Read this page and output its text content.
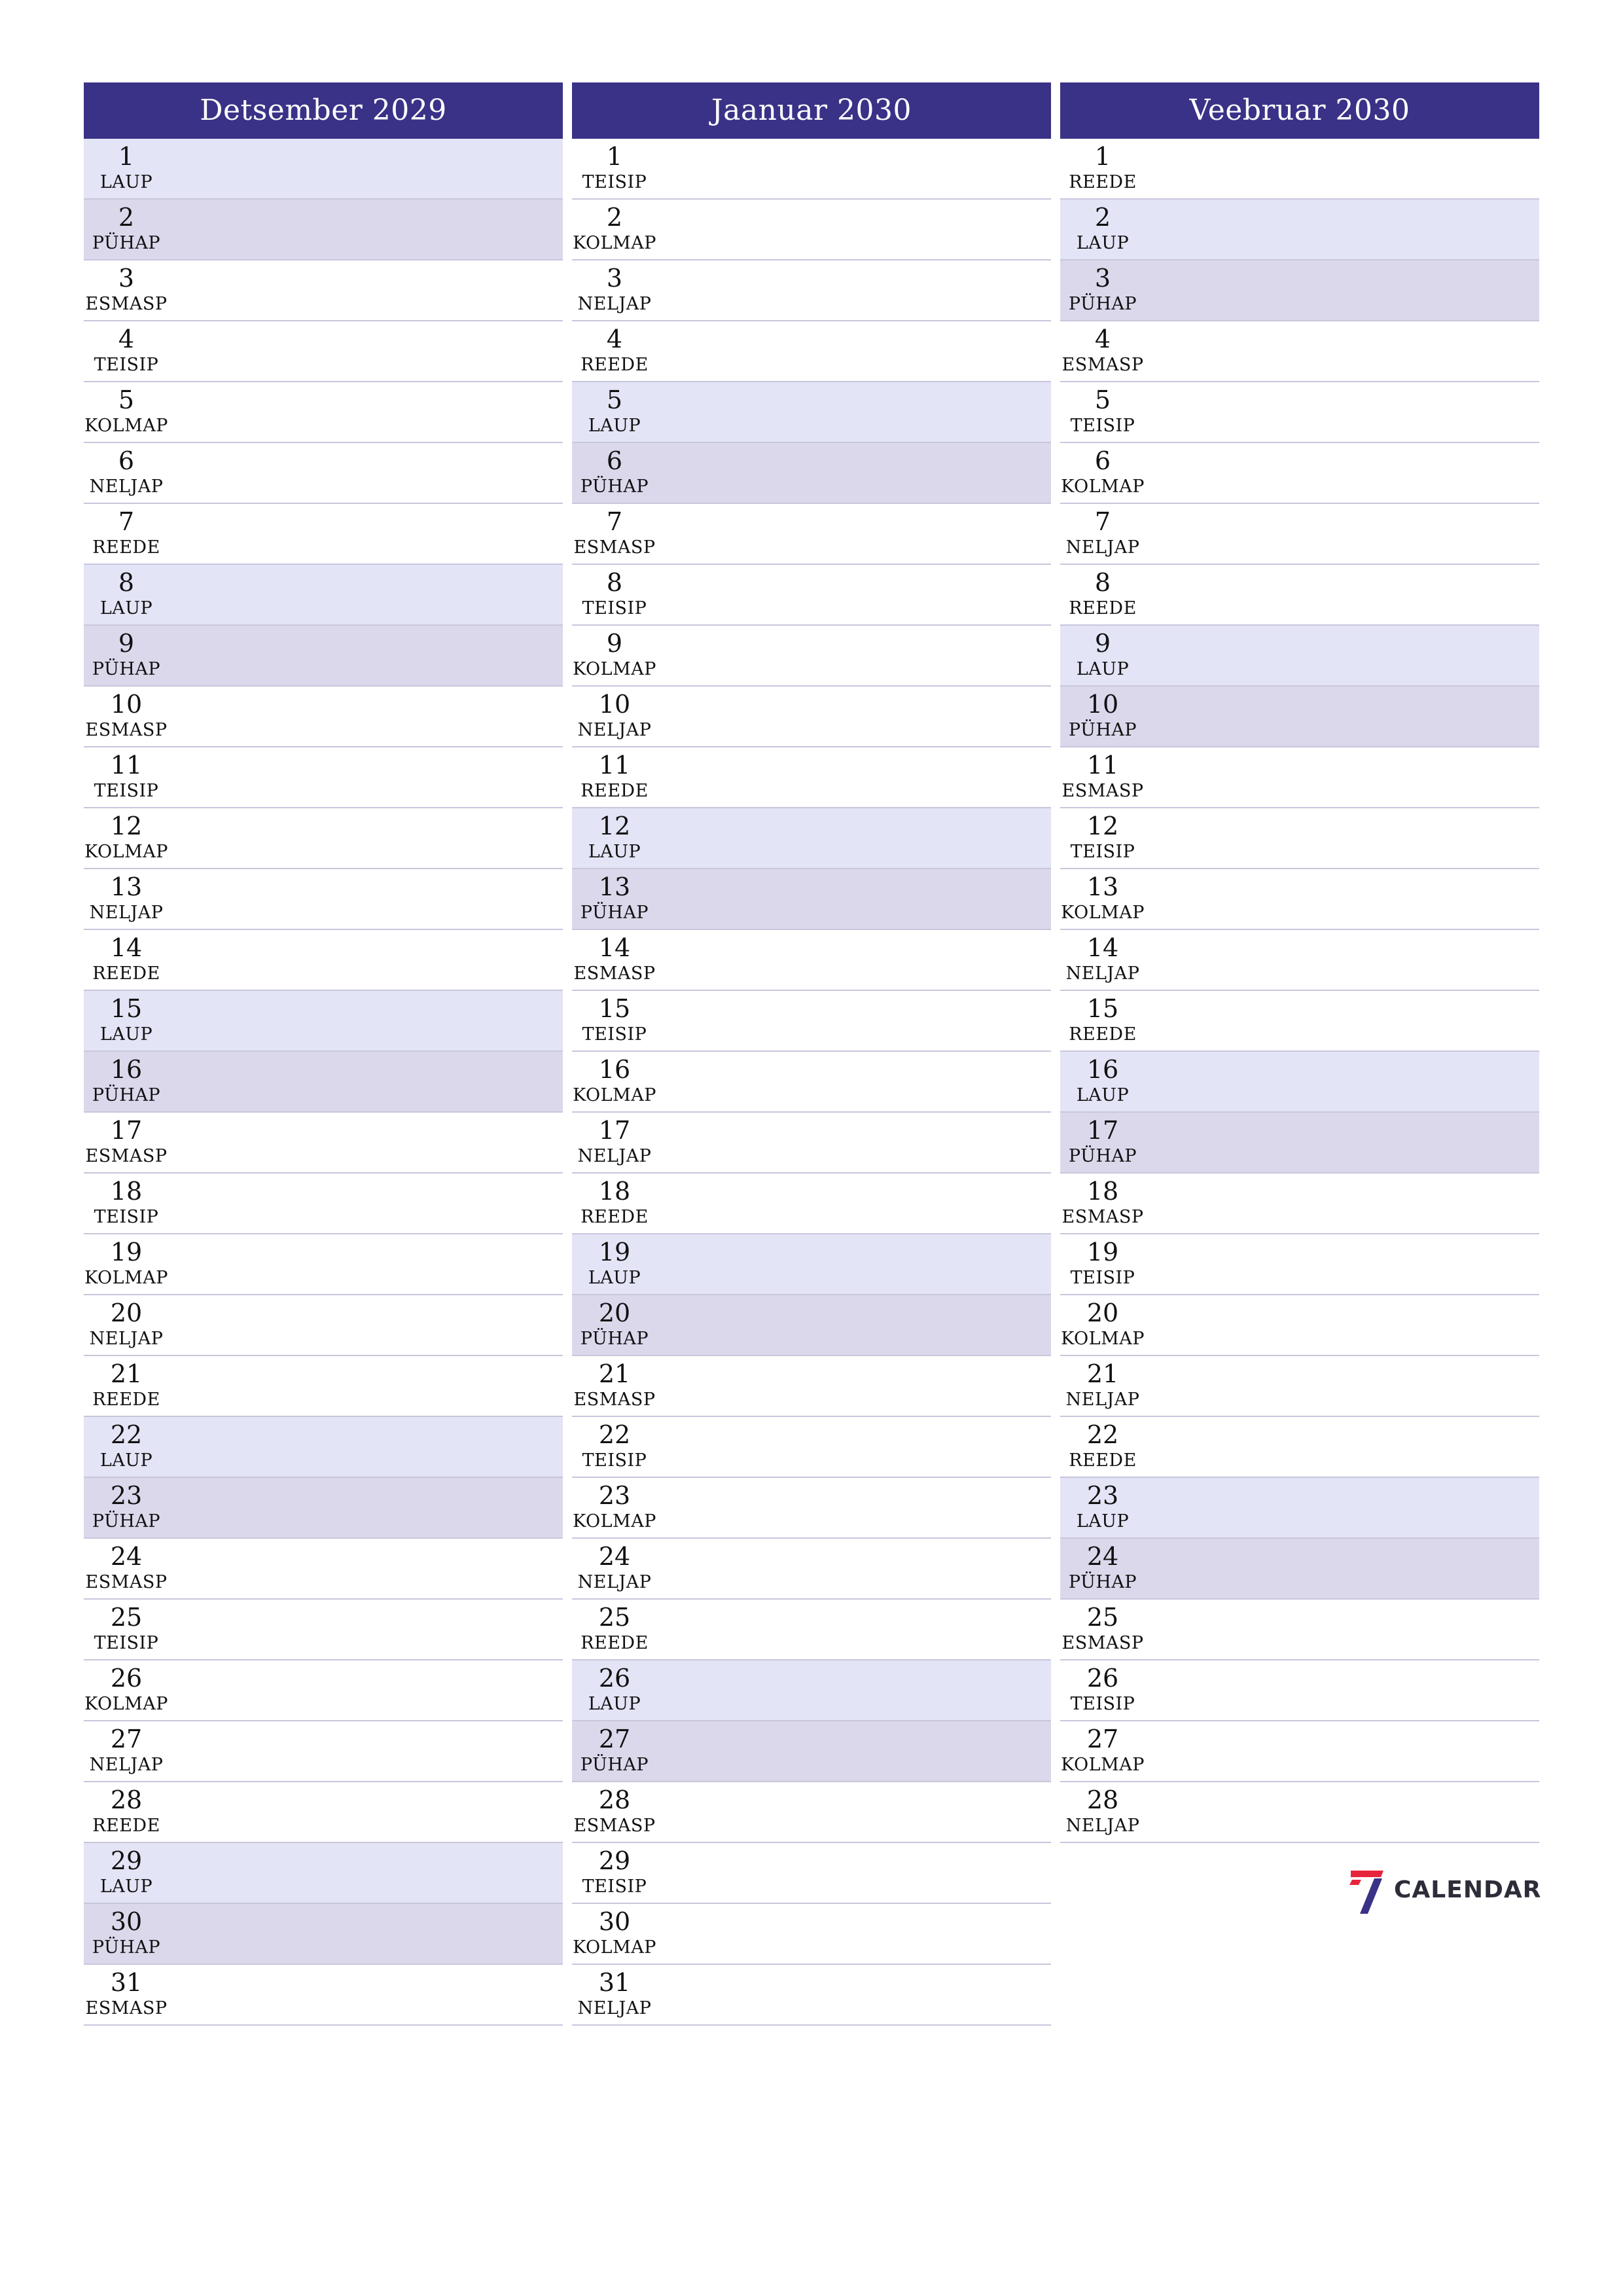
Detsember 2029
1
LAUP
2
PÜHAP
3
ESMASP
4
TEISIP
5
KOLMAP
6
NELJAP
7
REEDE
8
LAUP
9
PÜHAP
10
ESMASP
11
TEISIP
12
KOLMAP
13
NELJAP
14
REEDE
15
LAUP
16
PÜHAP
17
ESMASP
18
TEISIP
19
KOLMAP
20
NELJAP
21
REEDE
22
LAUP
23
PÜHAP
24
ESMASP
25
TEISIP
26
KOLMAP
27
NELJAP
28
REEDE
29
LAUP
30
PÜHAP
31
ESMASP
Jaanuar 2030
1
TEISIP
2
KOLMAP
3
NELJAP
4
REEDE
5
LAUP
6
PÜHAP
7
ESMASP
8
TEISIP
9
KOLMAP
10
NELJAP
11
REEDE
12
LAUP
13
PÜHAP
14
ESMASP
15
TEISIP
16
KOLMAP
17
NELJAP
18
REEDE
19
LAUP
20
PÜHAP
21
ESMASP
22
TEISIP
23
KOLMAP
24
NELJAP
25
REEDE
26
LAUP
27
PÜHAP
28
ESMASP
29
TEISIP
30
KOLMAP
31
NELJAP
Veebruar 2030
1
REEDE
2
LAUP
3
PÜHAP
4
ESMASP
5
TEISIP
6
KOLMAP
7
NELJAP
8
REEDE
9
LAUP
10
PÜHAP
11
ESMASP
12
TEISIP
13
KOLMAP
14
NELJAP
15
REEDE
16
LAUP
17
PÜHAP
18
ESMASP
19
TEISIP
20
KOLMAP
21
NELJAP
22
REEDE
23
LAUP
24
PÜHAP
25
ESMASP
26
TEISIP
27
KOLMAP
28
NELJAP
CALENDAR
